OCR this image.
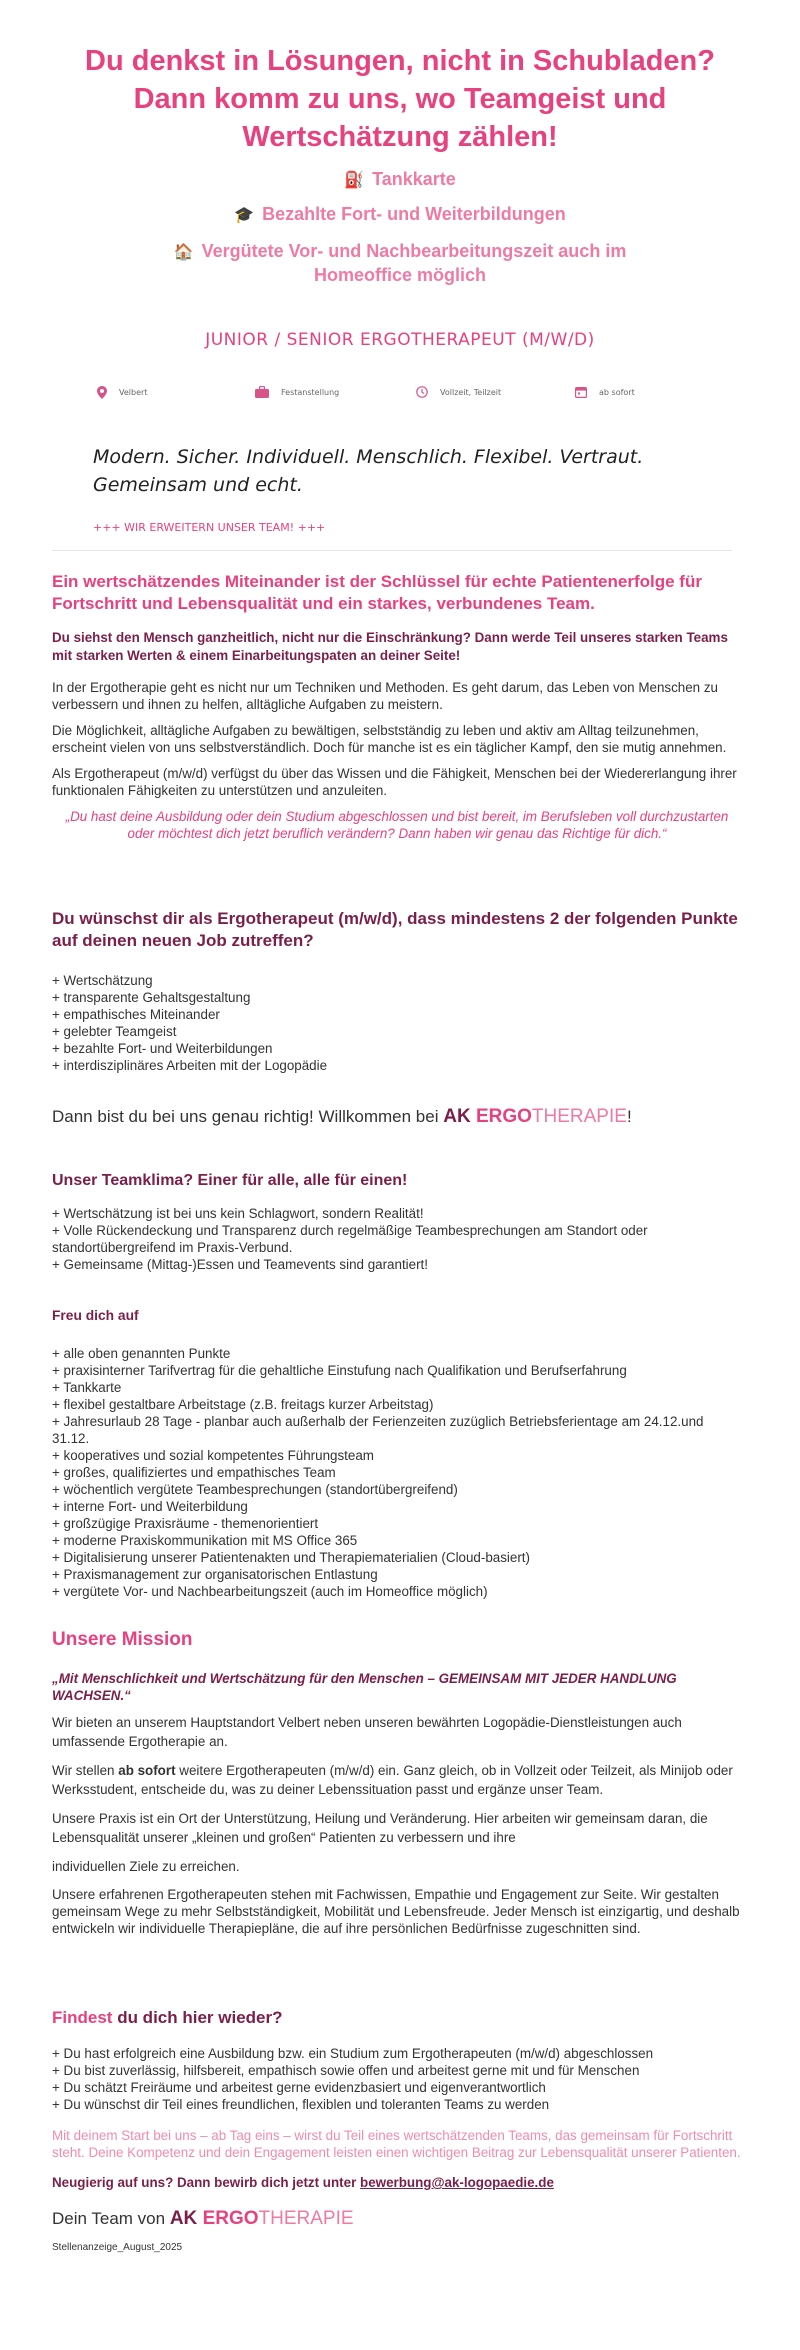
Du denkst in Lösungen, nicht in Schubladen?
Dann komm zu uns, wo Teamgeist und
Wertschätzung zählen!
⛽ Tankkarte
🎓 Bezahlte Fort- und Weiterbildungen
🏠 Vergütete Vor- und Nachbearbeitungszeit auch im Homeoffice möglich
JUNIOR / SENIOR ERGOTHERAPEUT (M/W/D)
Velbert	Festanstellung	Vollzeit, Teilzeit	ab sofort
Modern. Sicher. Individuell. Menschlich. Flexibel. Vertraut. Gemeinsam und echt.
+++ WIR ERWEITERN UNSER TEAM! +++
Ein wertschätzendes Miteinander ist der Schlüssel für echte Patientenerfolge für Fortschritt und Lebensqualität und ein starkes, verbundenes Team.
Du siehst den Mensch ganzheitlich, nicht nur die Einschränkung? Dann werde Teil unseres starken Teams mit starken Werten & einem Einarbeitungspaten an deiner Seite!
In der Ergotherapie geht es nicht nur um Techniken und Methoden. Es geht darum, das Leben von Menschen zu verbessern und ihnen zu helfen, alltägliche Aufgaben zu meistern.
Die Möglichkeit, alltägliche Aufgaben zu bewältigen, selbstständig zu leben und aktiv am Alltag teilzunehmen, erscheint vielen von uns selbstverständlich. Doch für manche ist es ein täglicher Kampf, den sie mutig annehmen.
Als Ergotherapeut (m/w/d) verfügst du über das Wissen und die Fähigkeit, Menschen bei der Wiedererlangung ihrer funktionalen Fähigkeiten zu unterstützen und anzuleiten.
„Du hast deine Ausbildung oder dein Studium abgeschlossen und bist bereit, im Berufsleben voll durchzustarten oder möchtest dich jetzt beruflich verändern? Dann haben wir genau das Richtige für dich.“
Du wünschst dir als Ergotherapeut (m/w/d), dass mindestens 2 der folgenden Punkte auf deinen neuen Job zutreffen?
+ Wertschätzung
+ transparente Gehaltsgestaltung
+ empathisches Miteinander
+ gelebter Teamgeist
+ bezahlte Fort- und Weiterbildungen
+ interdisziplinäres Arbeiten mit der Logopädie
Dann bist du bei uns genau richtig! Willkommen bei AK ERGOTHERAPIE!
Unser Teamklima? Einer für alle, alle für einen!
+ Wertschätzung ist bei uns kein Schlagwort, sondern Realität!
+ Volle Rückendeckung und Transparenz durch regelmäßige Teambesprechungen am Standort oder standortübergreifend im Praxis-Verbund.
+ Gemeinsame (Mittag-)Essen und Teamevents sind garantiert!
Freu dich auf
+ alle oben genannten Punkte
+ praxisinterner Tarifvertrag für die gehaltliche Einstufung nach Qualifikation und Berufserfahrung
+ Tankkarte
+ flexibel gestaltbare Arbeitstage (z.B. freitags kurzer Arbeitstag)
+ Jahresurlaub 28 Tage - planbar auch außerhalb der Ferienzeiten zuzüglich Betriebsferientage am 24.12.und 31.12.
+ kooperatives und sozial kompetentes Führungsteam
+ großes, qualifiziertes und empathisches Team
+ wöchentlich vergütete Teambesprechungen (standortübergreifend)
+ interne Fort- und Weiterbildung
+ großzügige Praxisräume - themenorientiert
+ moderne Praxiskommunikation mit MS Office 365
+ Digitalisierung unserer Patientenakten und Therapiematerialien (Cloud-basiert)
+ Praxismanagement zur organisatorischen Entlastung
+ vergütete Vor- und Nachbearbeitungszeit (auch im Homeoffice möglich)
Unsere Mission
„Mit Menschlichkeit und Wertschätzung für den Menschen – GEMEINSAM MIT JEDER HANDLUNG WACHSEN.“
Wir bieten an unserem Hauptstandort Velbert neben unseren bewährten Logopädie-Dienstleistungen auch umfassende Ergotherapie an.
Wir stellen ab sofort weitere Ergotherapeuten (m/w/d) ein. Ganz gleich, ob in Vollzeit oder Teilzeit, als Minijob oder Werksstudent, entscheide du, was zu deiner Lebenssituation passt und ergänze unser Team.
Unsere Praxis ist ein Ort der Unterstützung, Heilung und Veränderung. Hier arbeiten wir gemeinsam daran, die Lebensqualität unserer „kleinen und großen“ Patienten zu verbessern und ihre
individuellen Ziele zu erreichen.
Unsere erfahrenen Ergotherapeuten stehen mit Fachwissen, Empathie und Engagement zur Seite. Wir gestalten gemeinsam Wege zu mehr Selbstständigkeit, Mobilität und Lebensfreude. Jeder Mensch ist einzigartig, und deshalb entwickeln wir individuelle Therapiepläne, die auf ihre persönlichen Bedürfnisse zugeschnitten sind.
Findest du dich hier wieder?
+ Du hast erfolgreich eine Ausbildung bzw. ein Studium zum Ergotherapeuten (m/w/d) abgeschlossen
+ Du bist zuverlässig, hilfsbereit, empathisch sowie offen und arbeitest gerne mit und für Menschen
+ Du schätzt Freiräume und arbeitest gerne evidenzbasiert und eigenverantwortlich
+ Du wünschst dir Teil eines freundlichen, flexiblen und toleranten Teams zu werden
Mit deinem Start bei uns – ab Tag eins – wirst du Teil eines wertschätzenden Teams, das gemeinsam für Fortschritt steht. Deine Kompetenz und dein Engagement leisten einen wichtigen Beitrag zur Lebensqualität unserer Patienten.
Neugierig auf uns? Dann bewirb dich jetzt unter bewerbung@ak-logopaedie.de
Dein Team von AK ERGOTHERAPIE
Stellenanzeige_August_2025
